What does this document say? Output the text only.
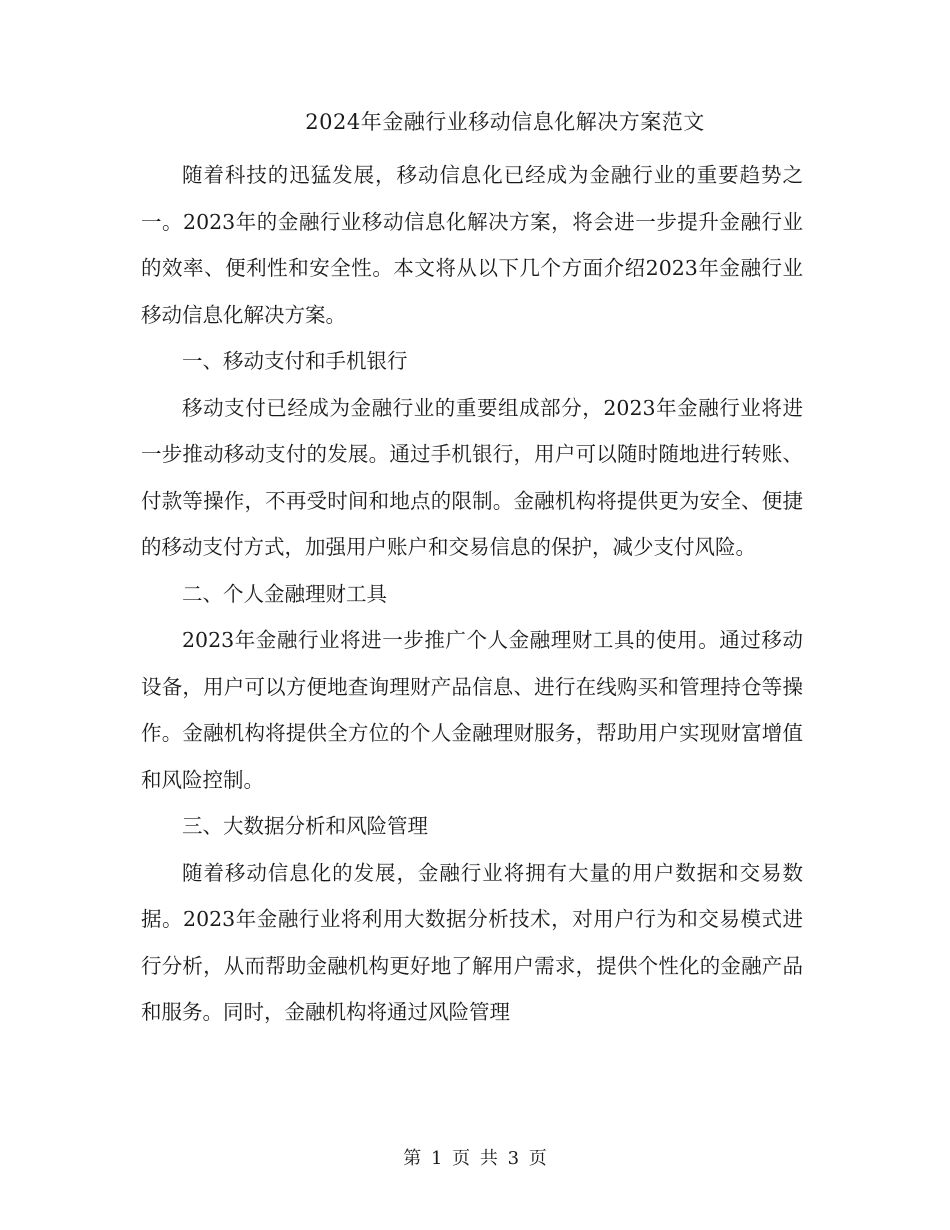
2024年金融行业移动信息化解决方案范文

随着科技的迅猛发展，移动信息化已经成为金融行业的重要趋势之一。2023年的金融行业移动信息化解决方案，将会进一步提升金融行业的效率、便利性和安全性。本文将从以下几个方面介绍2023年金融行业移动信息化解决方案。

一、移动支付和手机银行

移动支付已经成为金融行业的重要组成部分，2023年金融行业将进一步推动移动支付的发展。通过手机银行，用户可以随时随地进行转账、付款等操作，不再受时间和地点的限制。金融机构将提供更为安全、便捷的移动支付方式，加强用户账户和交易信息的保护，减少支付风险。

二、个人金融理财工具

2023年金融行业将进一步推广个人金融理财工具的使用。通过移动设备，用户可以方便地查询理财产品信息、进行在线购买和管理持仓等操作。金融机构将提供全方位的个人金融理财服务，帮助用户实现财富增值和风险控制。

三、大数据分析和风险管理

随着移动信息化的发展，金融行业将拥有大量的用户数据和交易数据。2023年金融行业将利用大数据分析技术，对用户行为和交易模式进行分析，从而帮助金融机构更好地了解用户需求，提供个性化的金融产品和服务。同时，金融机构将通过风险管理

第 1 页 共 3 页
